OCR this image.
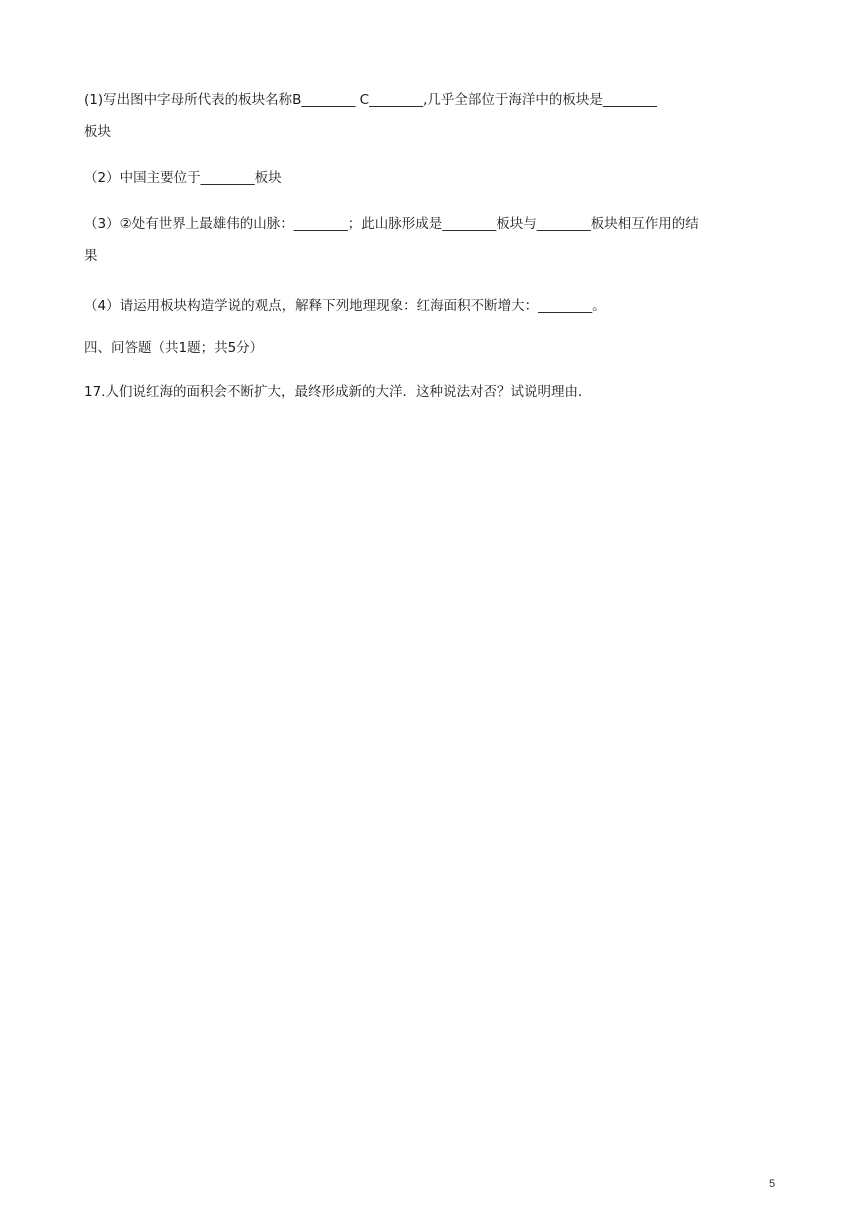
(1)写出图中字母所代表的板块名称B________ C________,几乎全部位于海洋中的板块是________
板块
（2）中国主要位于________板块
（3）②处有世界上最雄伟的山脉：________；此山脉形成是________板块与________板块相互作用的结
果
（4）请运用板块构造学说的观点，解释下列地理现象：红海面积不断增大：________。
四、问答题（共1题；共5分）
17.人们说红海的面积会不断扩大，最终形成新的大洋．这种说法对否？试说明理由．
5
